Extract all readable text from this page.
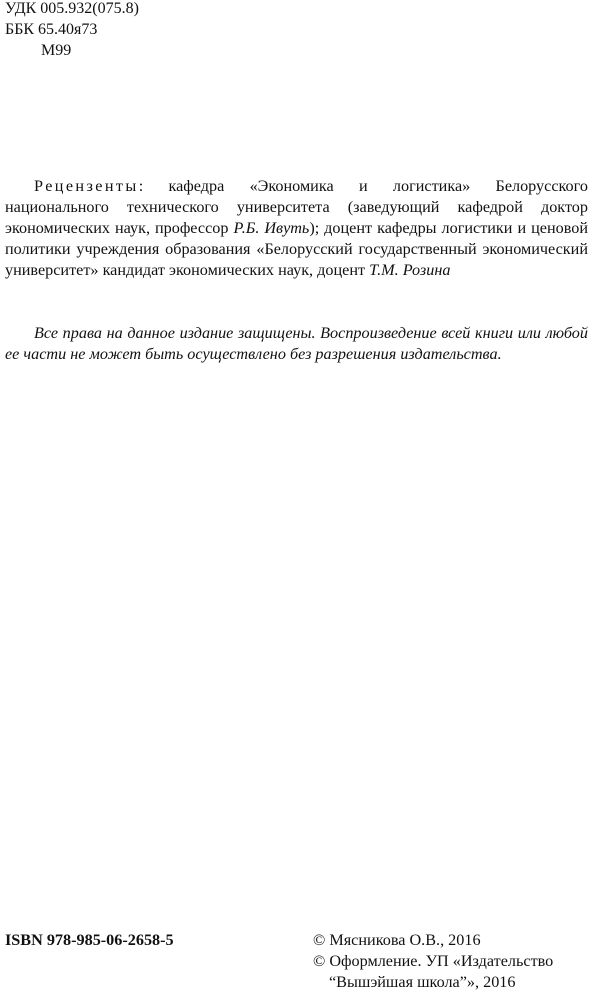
УДК 005.932(075.8)
ББК 65.40я73
М99
Рецензенты: кафедра «Экономика и логистика» Белорусского национального технического университета (заведующий кафедрой доктор экономических наук, профессор Р.Б. Ивуть); доцент кафедры логистики и ценовой политики учреждения образования «Белорусский государственный экономический университет» кандидат экономических наук, доцент Т.М. Розина
Все права на данное издание защищены. Воспроизведение всей книги или любой ее части не может быть осуществлено без разрешения издательства.
ISBN 978-985-06-2658-5	© Мясникова О.В., 2016
© Оформление. УП «Издательство
“Вышэйшая школа”», 2016
